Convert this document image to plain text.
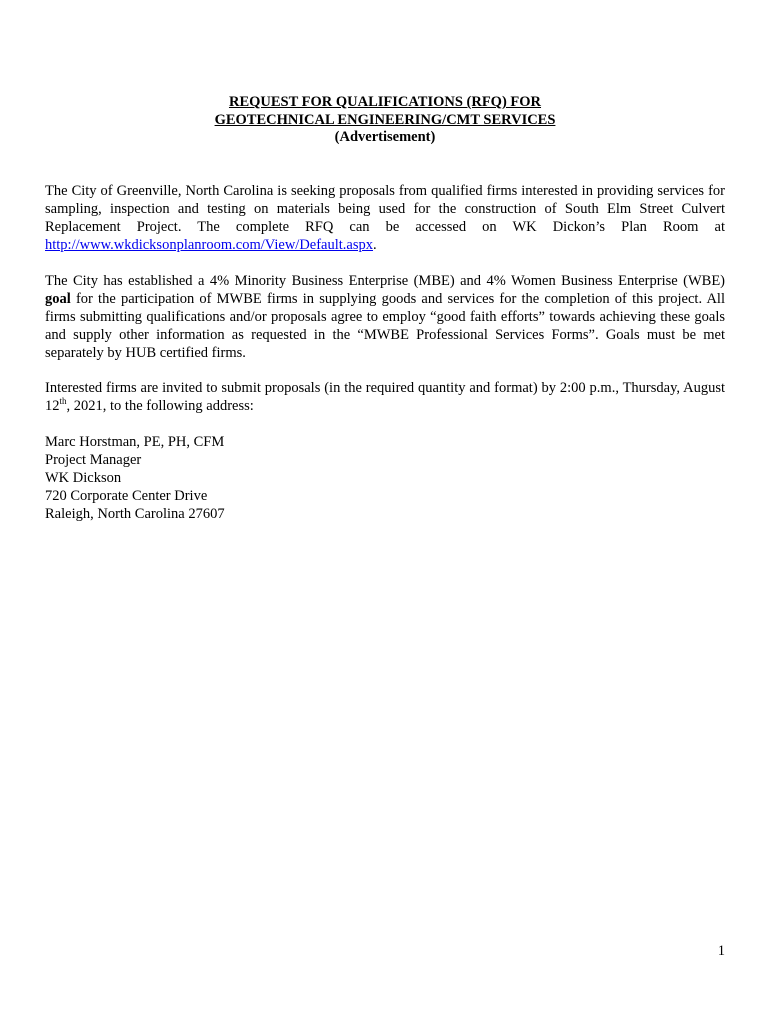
REQUEST FOR QUALIFICATIONS (RFQ) FOR
GEOTECHNICAL ENGINEERING/CMT SERVICES
(Advertisement)
The City of Greenville, North Carolina is seeking proposals from qualified firms interested in providing services for sampling, inspection and testing on materials being used for the construction of South Elm Street Culvert Replacement Project. The complete RFQ can be accessed on WK Dickon’s Plan Room at http://www.wkdicksonplanroom.com/View/Default.aspx.
The City has established a 4% Minority Business Enterprise (MBE) and 4% Women Business Enterprise (WBE) goal for the participation of MWBE firms in supplying goods and services for the completion of this project. All firms submitting qualifications and/or proposals agree to employ “good faith efforts” towards achieving these goals and supply other information as requested in the “MWBE Professional Services Forms”. Goals must be met separately by HUB certified firms.
Interested firms are invited to submit proposals (in the required quantity and format) by 2:00 p.m., Thursday, August 12th, 2021, to the following address:
Marc Horstman, PE, PH, CFM
Project Manager
WK Dickson
720 Corporate Center Drive
Raleigh, North Carolina 27607
1
